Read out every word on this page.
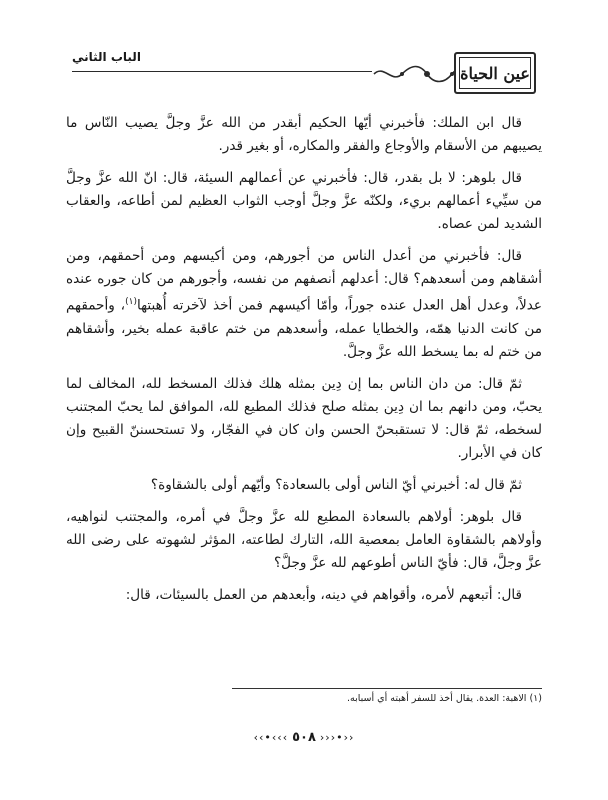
الباب الثاني
عين الحياة

قال ابن الملك: فأخبرني أيّها الحكيم أبقدر من الله عزَّ وجلَّ يصيب النّاس ما يصيبهم من الأسقام والأوجاع والفقر والمكاره، أو بغير قدر.

قال بلوهر: لا بل بقدر، قال: فأخبرني عن أعمالهم السيئة، قال: انّ الله عزَّ وجلَّ من سيِّيء أعمالهم بريء، ولكنّه عزَّ وجلَّ أوجب الثواب العظيم لمن أطاعه، والعقاب الشديد لمن عصاه.

قال: فأخبرني من أعدل الناس من أجورهم، ومن أكيسهم ومن أحمقهم، ومن أشقاهم ومن أسعدهم؟ قال: أعدلهم أنصفهم من نفسه، وأجورهم من كان جوره عنده عدلاً، وعدل أهل العدل عنده جوراً، وأمّا أكيسهم فمن أخذ لآخرته أُهبتها$^{(١)}$، وأحمقهم من كانت الدنيا همّه، والخطايا عمله، وأسعدهم من ختم عاقبة عمله بخير، وأشقاهم من ختم له بما يسخط الله عزَّ وجلَّ.

ثمّ قال: من دان الناس بما إن دِين بمثله هلك فذلك المسخط لله، المخالف لما يحبّ، ومن دانهم بما ان دِين بمثله صلح فذلك المطيع لله، الموافق لما يحبّ المجتنب لسخطه، ثمّ قال: لا تستقبحنّ الحسن وان كان في الفجّار، ولا تستحسننّ القبيح وإن كان في الأبرار.

ثمّ قال له: أخبرني أيّ الناس أولى بالسعادة؟ وأيّهم أولى بالشقاوة؟

قال بلوهر: أولاهم بالسعادة المطيع لله عزَّ وجلَّ في أمره، والمجتنب لنواهيه، وأولاهم بالشقاوة العامل بمعصية الله، التارك لطاعته، المؤثر لشهوته على رضى الله عزَّ وجلَّ، قال: فأيّ الناس أطوعهم لله عزَّ وجلَّ؟

قال: أتبعهم لأمره، وأقواهم في دينه، وأبعدهم من العمل بالسيئات، قال:

(١) الاهبة: العدة. يقال أخذ للسفر أهبته أي أسبابه.
‹‹•‹‹‹ ٥٠٨ ›››•››
